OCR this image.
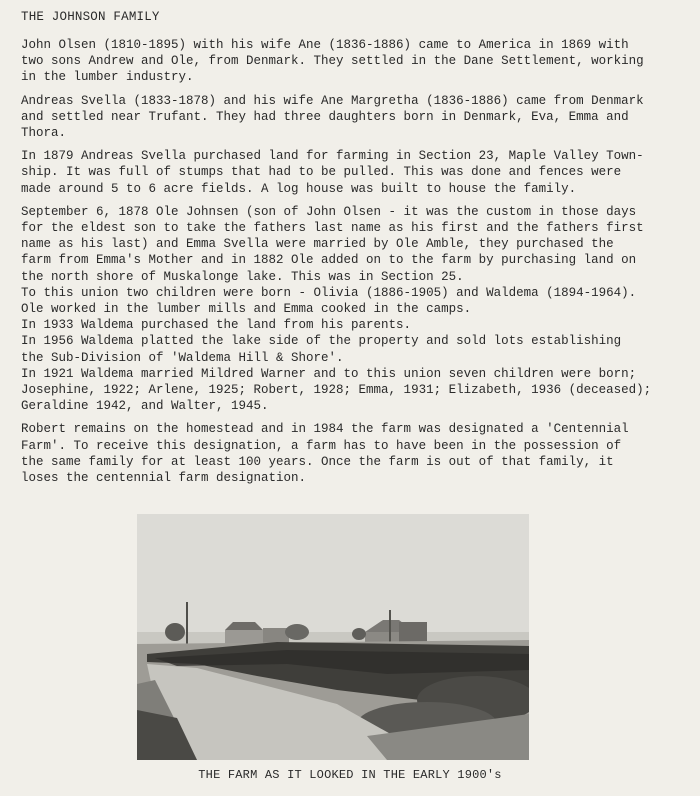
THE JOHNSON FAMILY
John Olsen (1810-1895) with his wife Ane (1836-1886) came to America in 1869 with
two sons Andrew and Ole, from Denmark. They settled in the Dane Settlement, working
in the lumber industry.
Andreas Svella (1833-1878) and his wife Ane Margretha (1836-1886) came from Denmark
and settled near Trufant. They had three daughters born in Denmark, Eva, Emma and
Thora.
In 1879 Andreas Svella purchased land for farming in Section 23, Maple Valley Town-
ship. It was full of stumps that had to be pulled. This was done and fences were
made around 5 to 6 acre fields. A log house was built to house the family.
September 6, 1878 Ole Johnsen (son of John Olsen - it was the custom in those days
for the eldest son to take the fathers last name as his first and the fathers first
name as his last) and Emma Svella were married by Ole Amble, they purchased the
farm from Emma's Mother and in 1882 Ole added on to the farm by purchasing land on
the north shore of Muskalonge lake. This was in Section 25.
To this union two children were born - Olivia (1886-1905) and Waldema (1894-1964).
Ole worked in the lumber mills and Emma cooked in the camps.
In 1933 Waldema purchased the land from his parents.
In 1956 Waldema platted the lake side of the property and sold lots establishing
the Sub-Division of 'Waldema Hill & Shore'.
In 1921 Waldema married Mildred Warner and to this union seven children were born;
Josephine, 1922; Arlene, 1925; Robert, 1928; Emma, 1931; Elizabeth, 1936 (deceased);
Geraldine 1942, and Walter, 1945.
Robert remains on the homestead and in 1984 the farm was designated a 'Centennial
Farm'. To receive this designation, a farm has to have been in the possession of
the same family for at least 100 years. Once the farm is out of that family, it
loses the centennial farm designation.
THE FARM AS IT LOOKED IN THE EARLY 1900's
